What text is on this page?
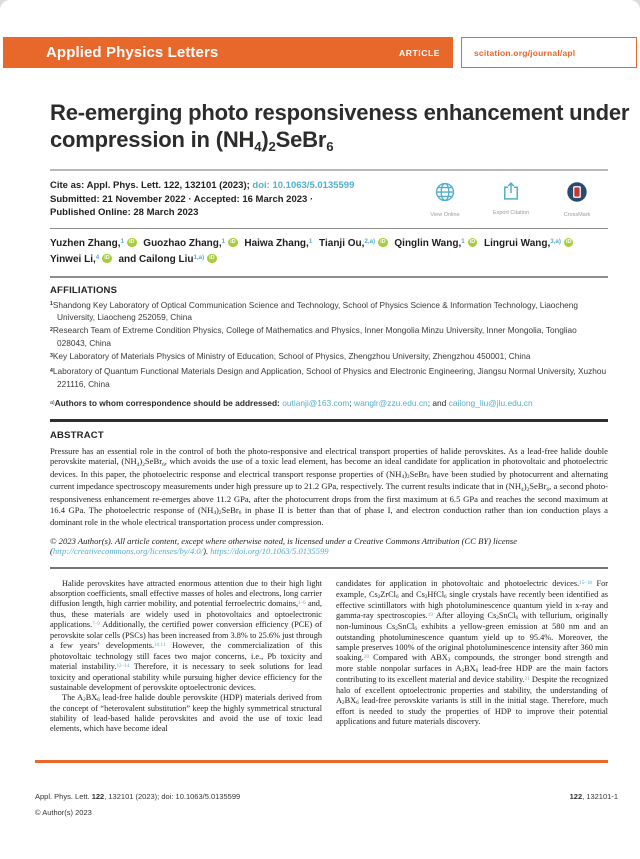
Applied Physics Letters	ARTICLE	scitation.org/journal/apl
Re-emerging photo responsiveness enhancement under compression in $(NH_4)_2SeBr_6$

Cite as: Appl. Phys. Lett. 122, 132101 (2023); doi: 10.1063/5.0135599

Submitted: 21 November 2022 · Accepted: 16 March 2023 ·

Published Online: 28 March 2023	View Online	Export Citation	CrossMark

Yuzhen Zhang,$^1$ iD Guozhao Zhang,$^1$ iD Haiwa Zhang,$^1$ Tianji Ou,$^{2,a)}$ iD Qinglin Wang,$^1$ iD Lingrui Wang,$^{3,a)}$ iD Yinwei Li,$^4$ iD and Cailong Liu$^{1,a)}$ iD

AFFILIATIONS
$^1$Shandong Key Laboratory of Optical Communication Science and Technology, School of Physics Science & Information Technology, Liaocheng University, Liaocheng 252059, China
$^2$Research Team of Extreme Condition Physics, College of Mathematics and Physics, Inner Mongolia Minzu University, Inner Mongolia, Tongliao 028043, China
$^3$Key Laboratory of Materials Physics of Ministry of Education, School of Physics, Zhengzhou University, Zhengzhou 450001, China
$^4$Laboratory of Quantum Functional Materials Design and Application, School of Physics and Electronic Engineering, Jiangsu Normal University, Xuzhou 221116, China

$^{a)}$Authors to whom correspondence should be addressed: outianji@163.com; wanglr@zzu.edu.cn; and cailong_liu@jlu.edu.cn

ABSTRACT

Pressure has an essential role in the control of both the photo-responsive and electrical transport properties of halide perovskites. As a lead-free halide double perovskite material, $(NH_4)_2SeBr_6$, which avoids the use of a toxic lead element, has become an ideal candidate for application in photovoltaic and photoelectric devices. In this paper, the photoelectric response and electrical transport response properties of $(NH_4)_2SeBr_6$ have been studied by photocurrent and alternating current impedance spectroscopy measurements under high pressure up to 21.2 GPa, respectively. The current results indicate that in $(NH_4)_2SeBr_6$, a second photo-responsiveness enhancement re-emerges above 11.2 GPa, after the photocurrent drops from the first maximum at 6.5 GPa and reaches the second maximum at 16.4 GPa. The photoelectric response of $(NH_4)_2SeBr_6$ in phase II is better than that of phase I, and electron conduction rather than ion conduction plays a dominant role in the whole electrical transportation process under compression.

© 2023 Author(s). All article content, except where otherwise noted, is licensed under a Creative Commons Attribution (CC BY) license (http://creativecommons.org/licenses/by/4.0/). https://doi.org/10.1063/5.0135599

Halide perovskites have attracted enormous attention due to their high light absorption coefficients, small effective masses of holes and electrons, long carrier diffusion length, high carrier mobility, and potential ferroelectric domains,$^{1-6}$ and, thus, these materials are widely used in photovoltaics and optoelectronic applications.$^{7-9}$ Additionally, the certified power conversion efficiency (PCE) of perovskite solar cells (PSCs) has been increased from 3.8% to 25.6% just through a few years’ developments.$^{10,11}$ However, the commercialization of this photovoltaic technology still faces two major concerns, i.e., Pb toxicity and material instability.$^{12-14}$ Therefore, it is necessary to seek solutions for lead toxicity and operational stability while pursuing higher device efficiency for the sustainable development of perovskite optoelectronic devices.

The $A_2BX_6$ lead-free halide double perovskite (HDP) materials derived from the concept of “heterovalent substitution” keep the highly symmetrical structural stability of lead-based halide perovskites and avoid the use of toxic lead elements, which have become ideal

candidates for application in photovoltaic and photoelectric devices.$^{15-18}$ For example, $Cs_2ZrCl_6$ and $Cs_2HfCl_6$ single crystals have recently been identified as effective scintillators with high photoluminescence quantum yield in x-ray and gamma-ray spectroscopies.$^{19}$ After alloying $Cs_2SnCl_6$ with tellurium, originally non-luminous $Cs_2SnCl_6$ exhibits a yellow-green emission at 580 nm and an outstanding photoluminescence quantum yield up to 95.4%. Moreover, the sample preserves 100% of the original photoluminescence intensity after 360 min soaking.$^{20}$ Compared with $ABX_3$ compounds, the stronger bond strength and more stable nonpolar surfaces in $A_2BX_6$ lead-free HDP are the main factors contributing to its excellent material and device stability.$^{21}$ Despite the recognized halo of excellent optoelectronic properties and stability, the understanding of $A_2BX_6$ lead-free perovskite variants is still in the initial stage. Therefore, much effort is needed to study the properties of HDP to improve their potential applications and future materials discovery.

Appl. Phys. Lett. 122, 132101 (2023); doi: 10.1063/5.0135599
© Author(s) 2023
122, 132101-1
